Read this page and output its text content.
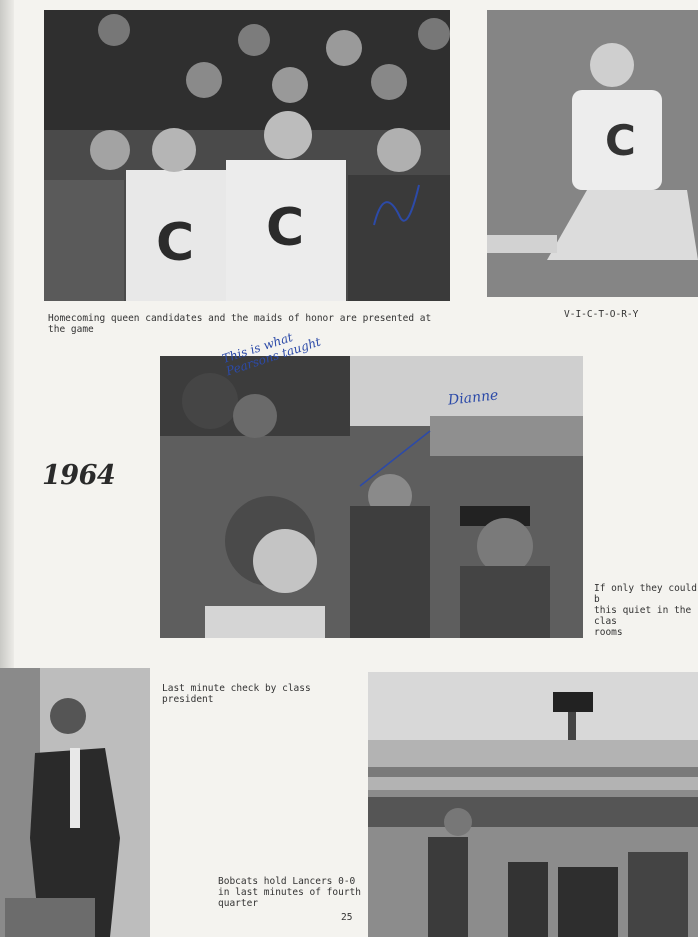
C C

Homecoming queen candidates and the maids of honor are presented at
the game

C

V-I-C-T-O-R-Y

1964
This is what Pearsons taught
Dianne

If only they could b
this quiet in the clas
rooms

Last minute check by class
president

Bobcats hold Lancers 0-0
in last minutes of fourth
quarter

25
